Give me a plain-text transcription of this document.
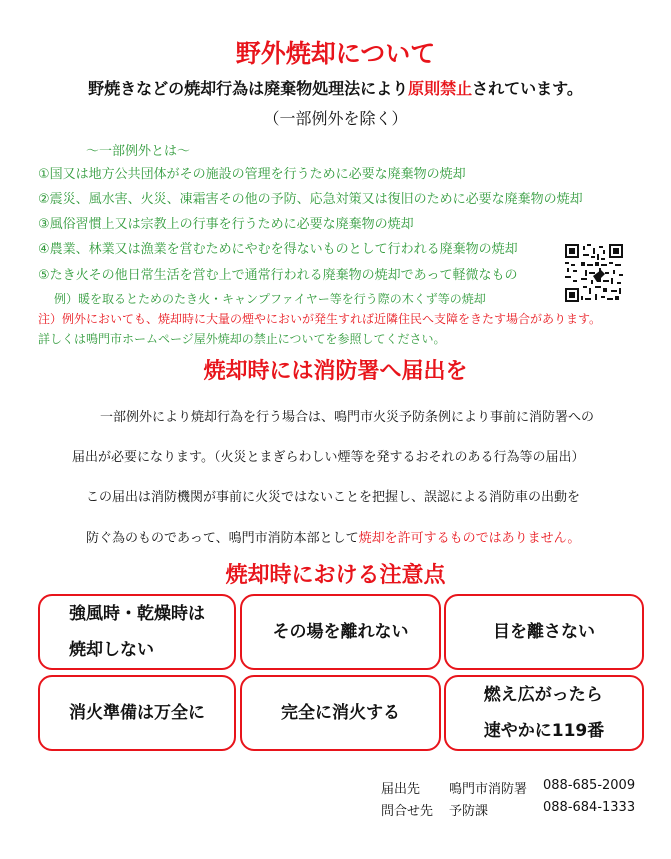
野外焼却について
野焼きなどの焼却行為は廃棄物処理法により原則禁止されています。
（一部例外を除く）
～一部例外とは～
①国又は地方公共団体がその施設の管理を行うために必要な廃棄物の焼却
②震災、風水害、火災、凍霜害その他の予防、応急対策又は復旧のために必要な廃棄物の焼却
③風俗習慣上又は宗教上の行事を行うために必要な廃棄物の焼却
④農業、林業又は漁業を営むためにやむを得ないものとして行われる廃棄物の焼却
⑤たき火その他日常生活を営む上で通常行われる廃棄物の焼却であって軽微なもの
例）暖を取るとためのたき火・キャンプファイヤー等を行う際の木くず等の焼却
注）例外においても、焼却時に大量の煙やにおいが発生すれば近隣住民へ支障をきたす場合があります。
詳しくは鳴門市ホームページ屋外焼却の禁止についてを参照してください。
焼却時には消防署へ届出を
一部例外により焼却行為を行う場合は、鳴門市火災予防条例により事前に消防署への
届出が必要になります。（火災とまぎらわしい煙等を発するおそれのある行為等の届出）
この届出は消防機関が事前に火災ではないことを把握し、誤認による消防車の出動を
防ぐ為のものであって、鳴門市消防本部として焼却を許可するものではありません。
焼却時における注意点
強風時・乾燥時は
焼却しない
その場を離れない	目を離さない
消火準備は万全に	完全に消火する
燃え広がったら
速やかに119番
届出先 鳴門市消防署 088-685-2009
問合せ先 予防課	088-684-1333
